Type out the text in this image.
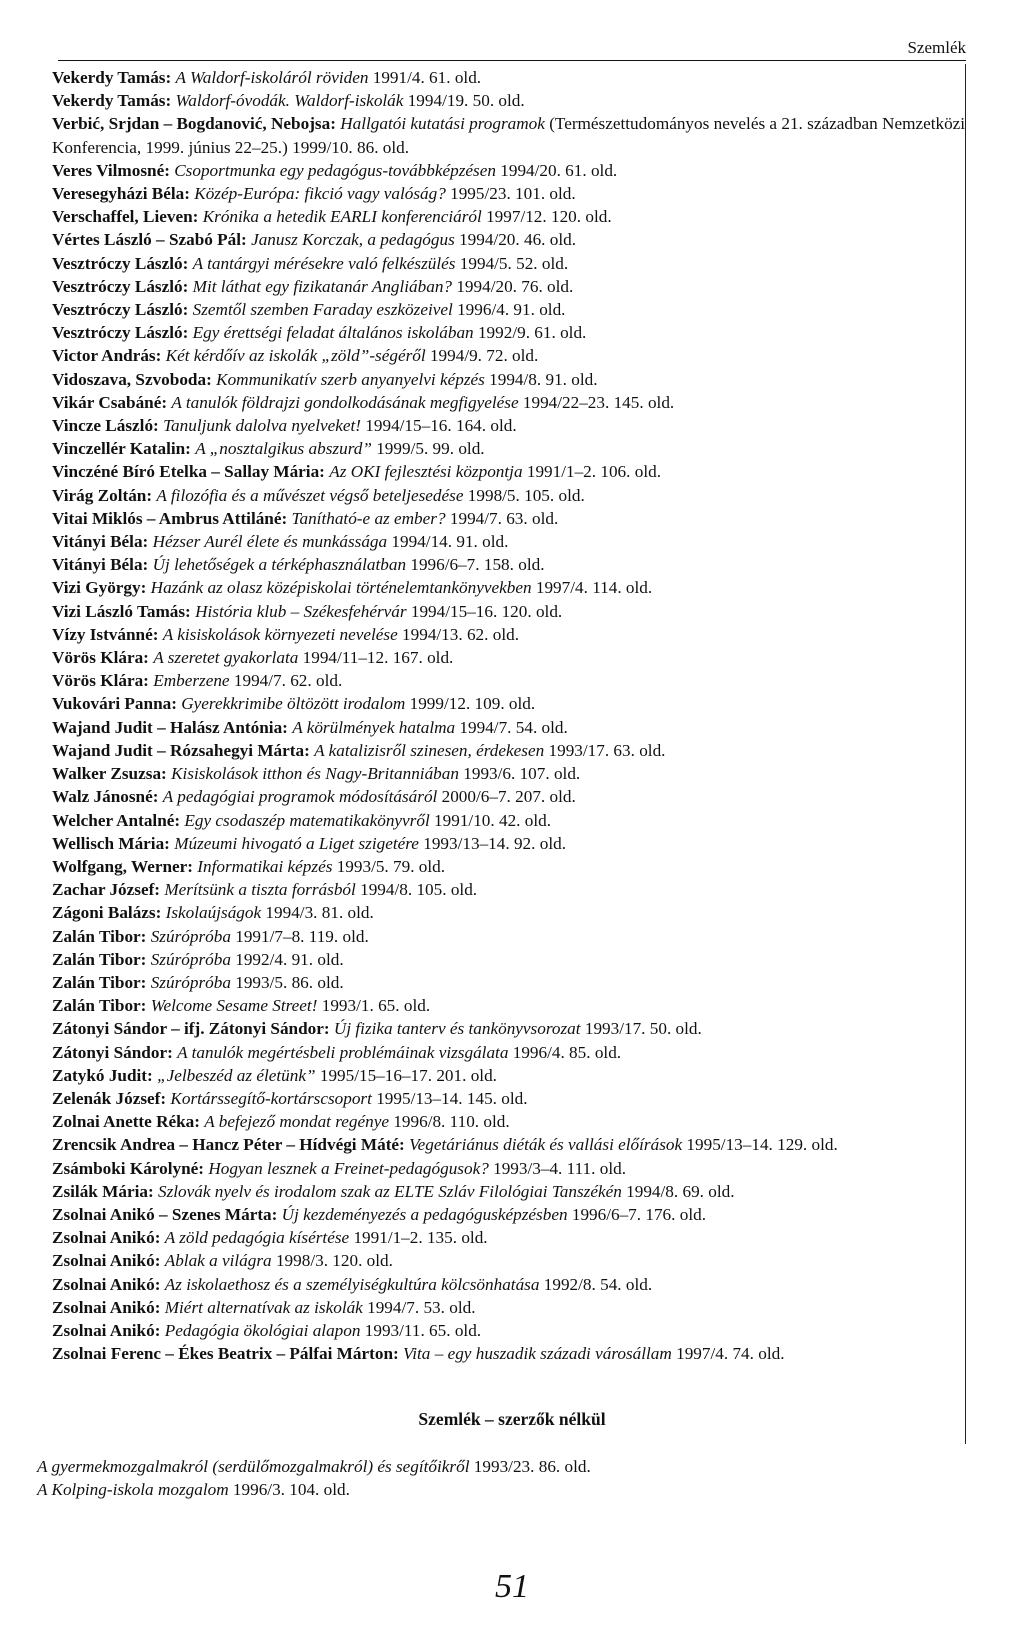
Szemlék
Vekerdy Tamás: A Waldorf-iskoláról röviden 1991/4. 61. old.
Vekerdy Tamás: Waldorf-óvodák. Waldorf-iskolák 1994/19. 50. old.
Verbić, Srjdan – Bogdanović, Nebojsa: Hallgatói kutatási programok (Természettudományos nevelés a 21. században Nemzetközi Konferencia, 1999. június 22–25.) 1999/10. 86. old.
Veres Vilmosné: Csoportmunka egy pedagógus-továbbképzésen 1994/20. 61. old.
Veresegyházi Béla: Közép-Európa: fikció vagy valóság? 1995/23. 101. old.
Verschaffel, Lieven: Krónika a hetedik EARLI konferenciáról 1997/12. 120. old.
Vértes László – Szabó Pál: Janusz Korczak, a pedagógus 1994/20. 46. old.
Vesztróczy László: A tantárgyi mérésekre való felkészülés 1994/5. 52. old.
Vesztróczy László: Mit láthat egy fizikatanár Angliában? 1994/20. 76. old.
Vesztróczy László: Szemtől szemben Faraday eszközeivel 1996/4. 91. old.
Vesztróczy László: Egy érettségi feladat általános iskolában 1992/9. 61. old.
Victor András: Két kérdőív az iskolák „zöld”-ségéről 1994/9. 72. old.
Vidoszava, Szvoboda: Kommunikatív szerb anyanyelvi képzés 1994/8. 91. old.
Vikár Csabáné: A tanulók földrajzi gondolkodásának megfigyelése 1994/22–23. 145. old.
Vincze László: Tanuljunk dalolva nyelveket! 1994/15–16. 164. old.
Vinczellér Katalin: A „nosztalgikus abszurd” 1999/5. 99. old.
Vinczéné Bíró Etelka – Sallay Mária: Az OKI fejlesztési központja 1991/1–2. 106. old.
Virág Zoltán: A filozófia és a művészet végső beteljesedése 1998/5. 105. old.
Vitai Miklós – Ambrus Attiláné: Tanítható-e az ember? 1994/7. 63. old.
Vitányi Béla: Hézser Aurél élete és munkássága 1994/14. 91. old.
Vitányi Béla: Új lehetőségek a térképhasználatban 1996/6–7. 158. old.
Vizi György: Hazánk az olasz középiskolai történelemtankönyvekben 1997/4. 114. old.
Vizi László Tamás: História klub – Székesfehérvár 1994/15–16. 120. old.
Vízy Istvánné: A kisiskolások környezeti nevelése 1994/13. 62. old.
Vörös Klára: A szeretet gyakorlata 1994/11–12. 167. old.
Vörös Klára: Emberzene 1994/7. 62. old.
Vukovári Panna: Gyerekkrimibe öltözött irodalom 1999/12. 109. old.
Wajand Judit – Halász Antónia: A körülmények hatalma 1994/7. 54. old.
Wajand Judit – Rózsahegyi Márta: A katalizisről szinesen, érdekesen 1993/17. 63. old.
Walker Zsuzsa: Kisiskolások itthon és Nagy-Britanniában 1993/6. 107. old.
Walz Jánosné: A pedagógiai programok módosításáról 2000/6–7. 207. old.
Welcher Antalné: Egy csodaszép matematikakönyvről 1991/10. 42. old.
Wellisch Mária: Múzeumi hivogató a Liget szigetére 1993/13–14. 92. old.
Wolfgang, Werner: Informatikai képzés 1993/5. 79. old.
Zachar József: Merítsünk a tiszta forrásból 1994/8. 105. old.
Zágoni Balázs: Iskolaújságok 1994/3. 81. old.
Zalán Tibor: Szúrópróba 1991/7–8. 119. old.
Zalán Tibor: Szúrópróba 1992/4. 91. old.
Zalán Tibor: Szúrópróba 1993/5. 86. old.
Zalán Tibor: Welcome Sesame Street! 1993/1. 65. old.
Zátonyi Sándor – ifj. Zátonyi Sándor: Új fizika tanterv és tankönyvsorozat 1993/17. 50. old.
Zátonyi Sándor: A tanulók megértésbeli problémáinak vizsgálata 1996/4. 85. old.
Zatykó Judit: „Jelbeszéd az életünk” 1995/15–16–17. 201. old.
Zelenák József: Kortárssegítő-kortárscsoport 1995/13–14. 145. old.
Zolnai Anette Réka: A befejező mondat regénye 1996/8. 110. old.
Zrencsik Andrea – Hancz Péter – Hídvégi Máté: Vegetáriánus diéták és vallási előírások 1995/13–14. 129. old.
Zsámboki Károlyné: Hogyan lesznek a Freinet-pedagógusok? 1993/3–4. 111. old.
Zsilák Mária: Szlovák nyelv és irodalom szak az ELTE Szláv Filológiai Tanszékén 1994/8. 69. old.
Zsolnai Anikó – Szenes Márta: Új kezdeményezés a pedagógusképzésben 1996/6–7. 176. old.
Zsolnai Anikó: A zöld pedagógia kísértése 1991/1–2. 135. old.
Zsolnai Anikó: Ablak a világra 1998/3. 120. old.
Zsolnai Anikó: Az iskolaethosz és a személyiségkultúra kölcsönhatása 1992/8. 54. old.
Zsolnai Anikó: Miért alternatívak az iskolák 1994/7. 53. old.
Zsolnai Anikó: Pedagógia ökológiai alapon 1993/11. 65. old.
Zsolnai Ferenc – Ékes Beatrix – Pálfai Márton: Vita – egy huszadik századi városállam 1997/4. 74. old.
Szemlék – szerzők nélkül
A gyermekmozgalmakról (serdülőmozgalmakról) és segítőikről 1993/23. 86. old.
A Kolping-iskola mozgalom 1996/3. 104. old.
51
